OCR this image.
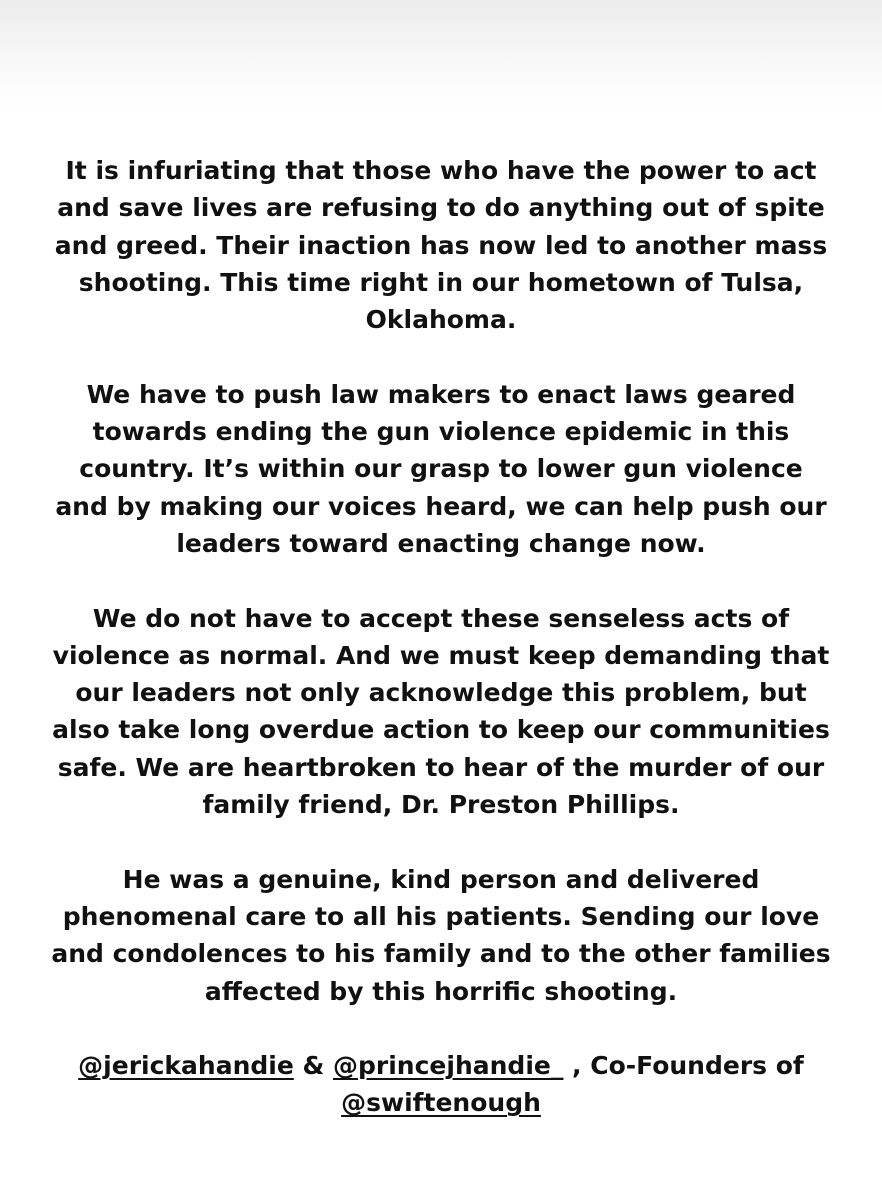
It is infuriating that those who have the power to act
and save lives are refusing to do anything out of spite
and greed. Their inaction has now led to another mass
shooting. This time right in our hometown of Tulsa,
Oklahoma.

We have to push law makers to enact laws geared
towards ending the gun violence epidemic in this
country. It’s within our grasp to lower gun violence
and by making our voices heard, we can help push our
leaders toward enacting change now.

We do not have to accept these senseless acts of
violence as normal. And we must keep demanding that
our leaders not only acknowledge this problem, but
also take long overdue action to keep our communities
safe. We are heartbroken to hear of the murder of our
family friend, Dr. Preston Phillips.

He was a genuine, kind person and delivered
phenomenal care to all his patients. Sending our love
and condolences to his family and to the other families
affected by this horrific shooting.

@jerickahandie & @princejhandie_ , Co-Founders of
@swiftenough
